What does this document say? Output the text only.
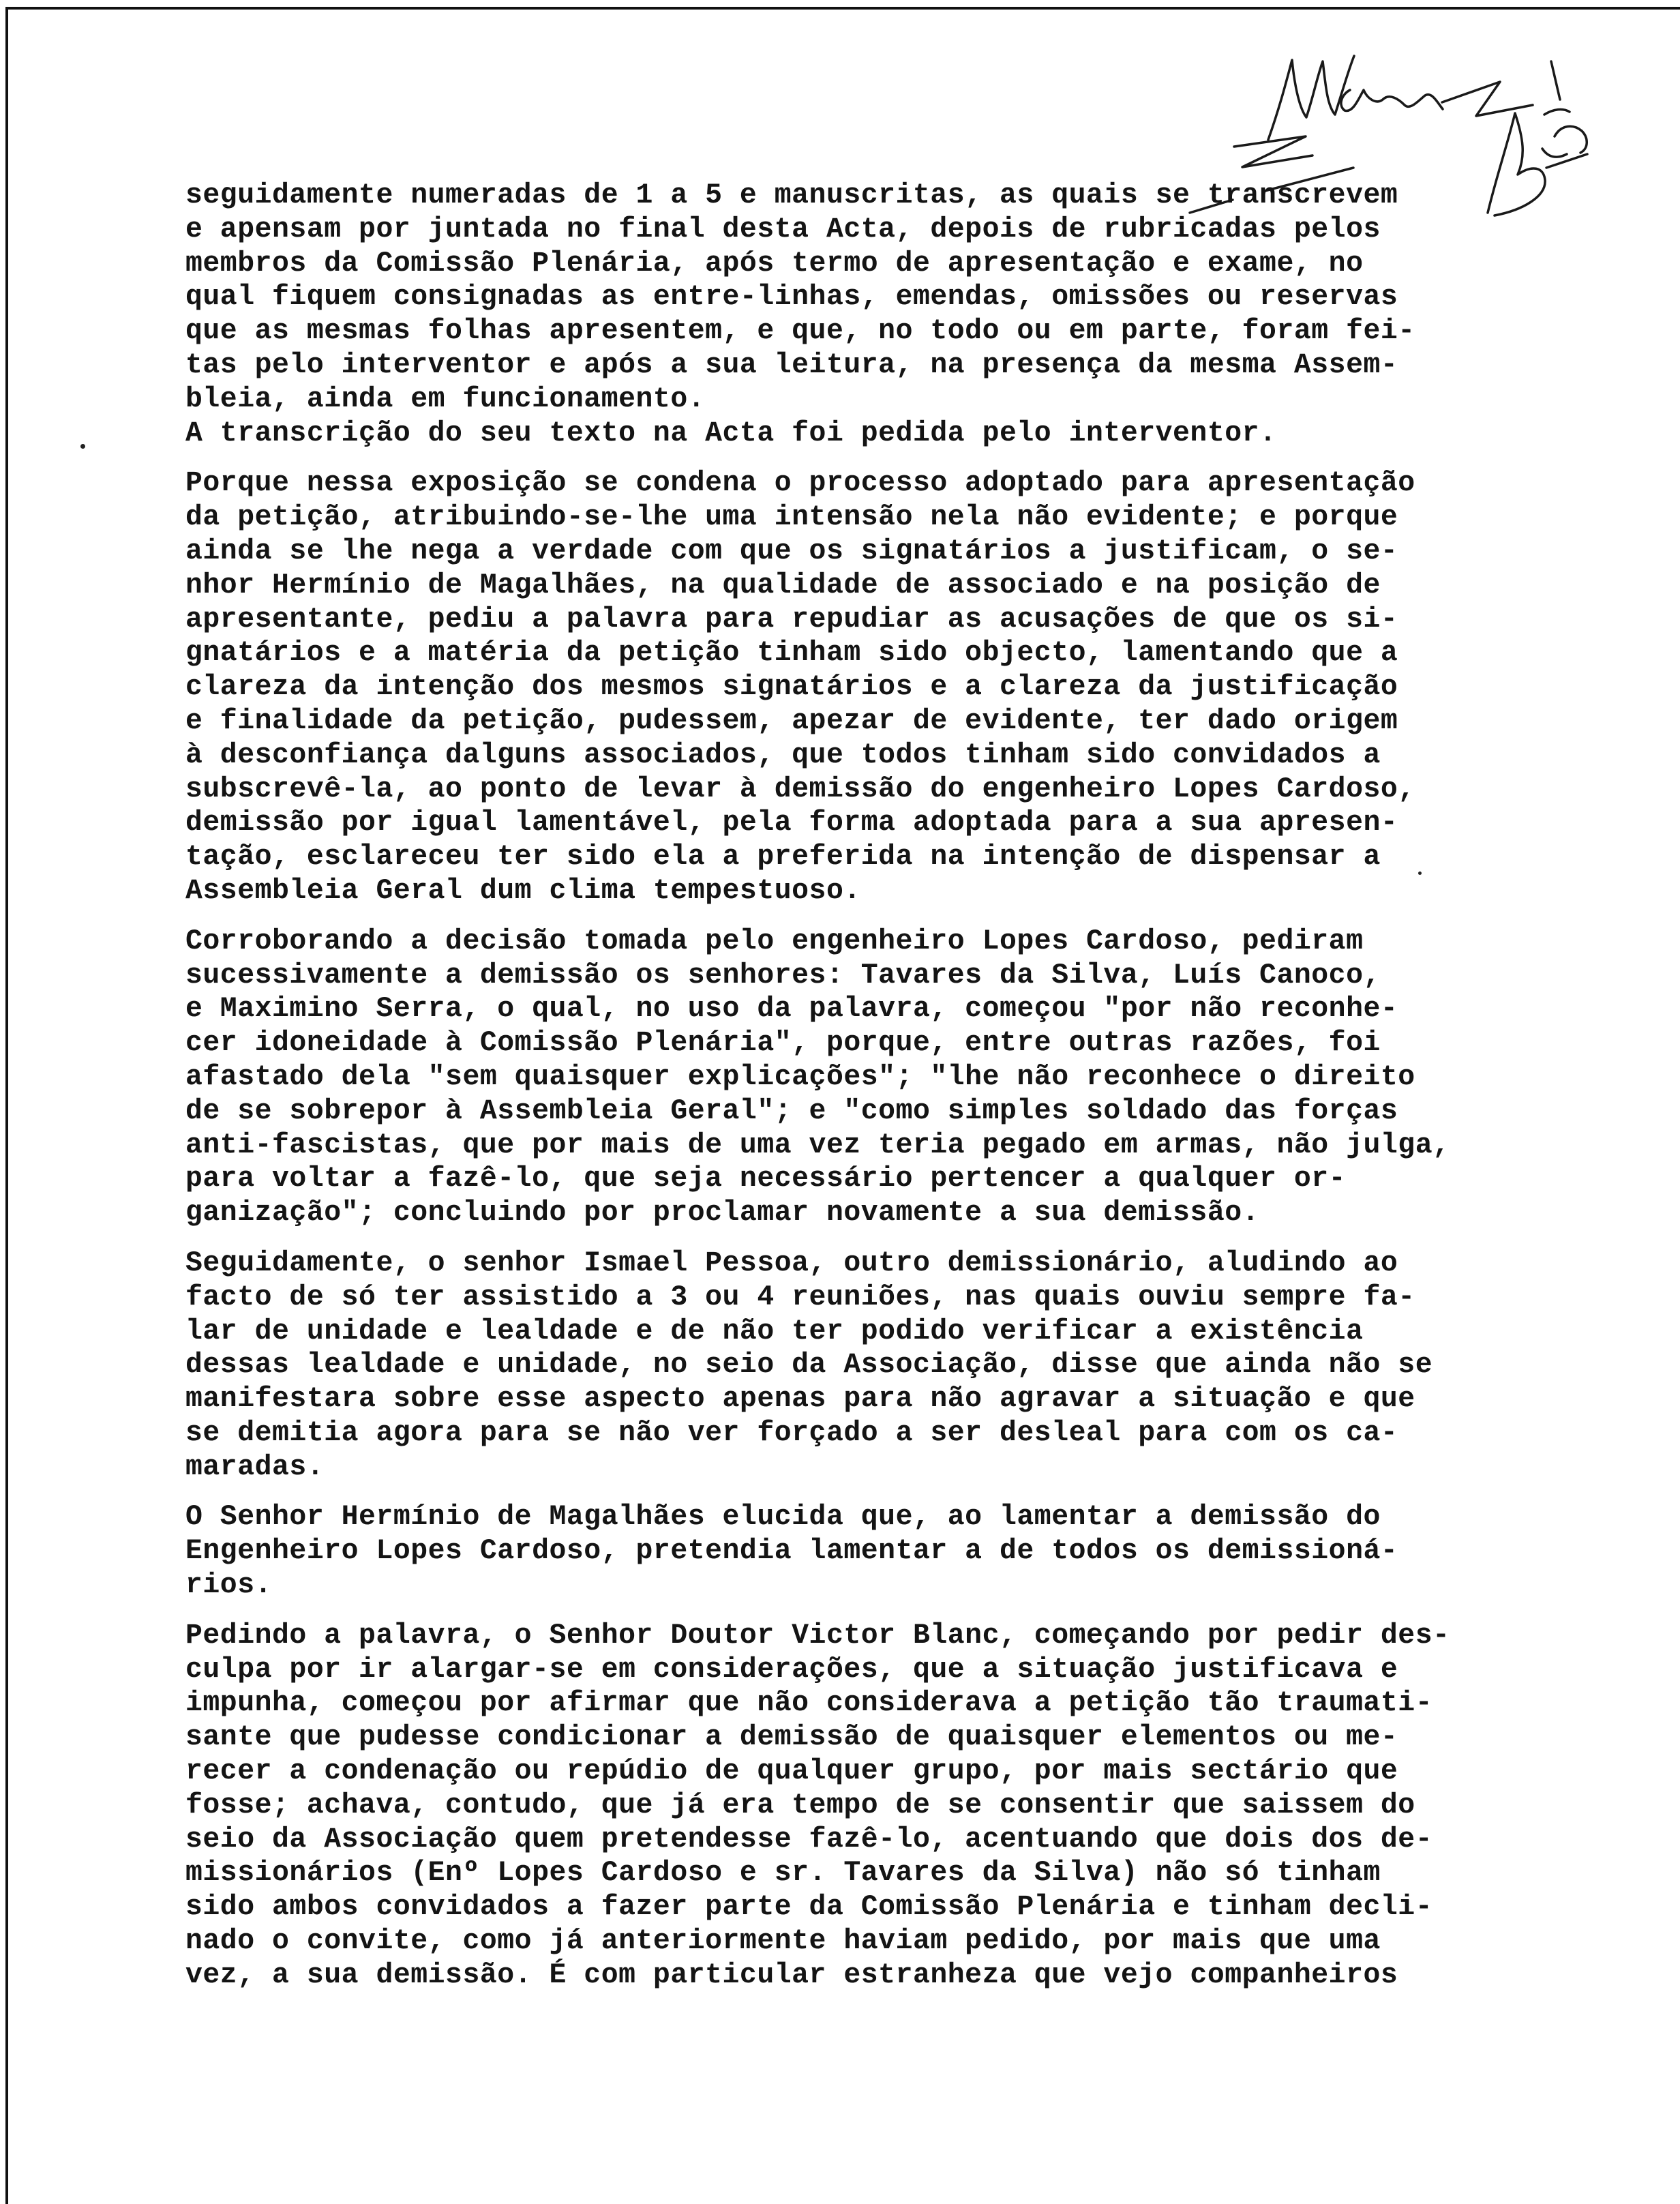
seguidamente numeradas de 1 a 5 e manuscritas, as quais se transcrevem
e apensam por juntada no final desta Acta, depois de rubricadas pelos
membros da Comissão Plenária, após termo de apresentação e exame, no
qual fiquem consignadas as entre-linhas, emendas, omissões ou reservas
que as mesmas folhas apresentem, e que, no todo ou em parte, foram fei-
tas pelo interventor e após a sua leitura, na presença da mesma Assem-
bleia, ainda em funcionamento.
A transcrição do seu texto na Acta foi pedida pelo interventor.
Porque nessa exposição se condena o processo adoptado para apresentação
da petição, atribuindo-se-lhe uma intensão nela não evidente; e porque
ainda se lhe nega a verdade com que os signatários a justificam, o se-
nhor Hermínio de Magalhães, na qualidade de associado e na posição de
apresentante, pediu a palavra para repudiar as acusações de que os si-
gnatários e a matéria da petição tinham sido objecto, lamentando que a
clareza da intenção dos mesmos signatários e a clareza da justificação
e finalidade da petição, pudessem, apezar de evidente, ter dado origem
à desconfiança dalguns associados, que todos tinham sido convidados a
subscrevê-la, ao ponto de levar à demissão do engenheiro Lopes Cardoso,
demissão por igual lamentável, pela forma adoptada para a sua apresen-
tação, esclareceu ter sido ela a preferida na intenção de dispensar a
Assembleia Geral dum clima tempestuoso.
Corroborando a decisão tomada pelo engenheiro Lopes Cardoso, pediram
sucessivamente a demissão os senhores: Tavares da Silva, Luís Canoco,
e Maximino Serra, o qual, no uso da palavra, começou "por não reconhe-
cer idoneidade à Comissão Plenária", porque, entre outras razões, foi
afastado dela "sem quaisquer explicações"; "lhe não reconhece o direito
de se sobrepor à Assembleia Geral"; e "como simples soldado das forças
anti-fascistas, que por mais de uma vez teria pegado em armas, não julga,
para voltar a fazê-lo, que seja necessário pertencer a qualquer or-
ganização"; concluindo por proclamar novamente a sua demissão.
Seguidamente, o senhor Ismael Pessoa, outro demissionário, aludindo ao
facto de só ter assistido a 3 ou 4 reuniões, nas quais ouviu sempre fa-
lar de unidade e lealdade e de não ter podido verificar a existência
dessas lealdade e unidade, no seio da Associação, disse que ainda não se
manifestara sobre esse aspecto apenas para não agravar a situação e que
se demitia agora para se não ver forçado a ser desleal para com os ca-
maradas.
O Senhor Hermínio de Magalhães elucida que, ao lamentar a demissão do
Engenheiro Lopes Cardoso, pretendia lamentar a de todos os demissioná-
rios.
Pedindo a palavra, o Senhor Doutor Victor Blanc, começando por pedir des-
culpa por ir alargar-se em considerações, que a situação justificava e
impunha, começou por afirmar que não considerava a petição tão traumati-
sante que pudesse condicionar a demissão de quaisquer elementos ou me-
recer a condenação ou repúdio de qualquer grupo, por mais sectário que
fosse; achava, contudo, que já era tempo de se consentir que saissem do
seio da Associação quem pretendesse fazê-lo, acentuando que dois dos de-
missionários (Enº Lopes Cardoso e sr. Tavares da Silva) não só tinham
sido ambos convidados a fazer parte da Comissão Plenária e tinham decli-
nado o convite, como já anteriormente haviam pedido, por mais que uma
vez, a sua demissão. É com particular estranheza que vejo companheiros
